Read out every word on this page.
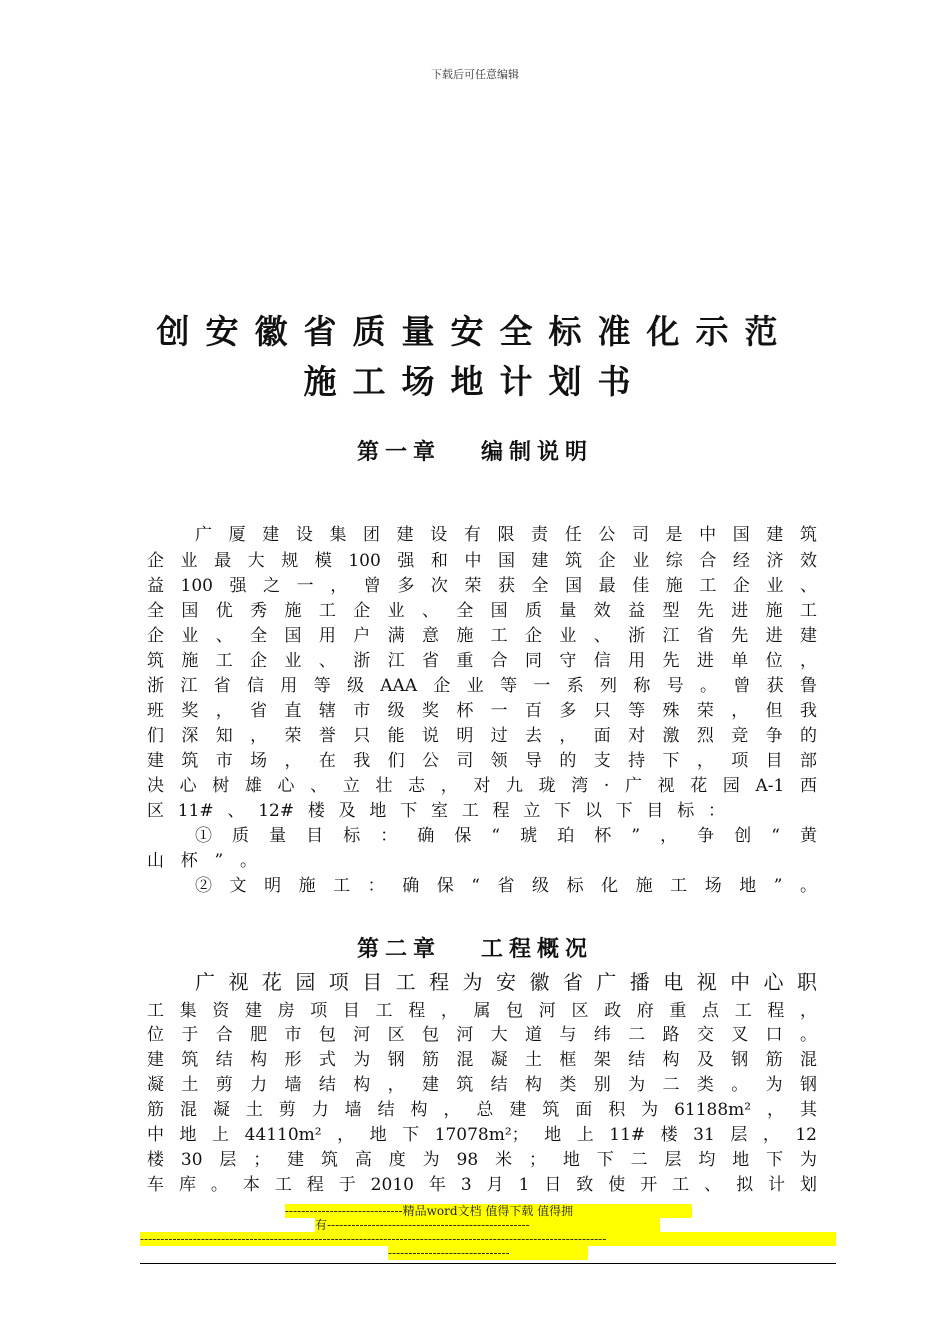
下载后可任意编辑
创安徽省质量安全标准化示范
施工场地计划书
第一章 编制说明
广厦建设集团建设有限责任公司是中国建筑
企业最大规模100强和中国建筑企业综合经济效
益100强之一，曾多次荣获全国最佳施工企业、
全国优秀施工企业、全国质量效益型先进施工
企业、全国用户满意施工企业、浙江省先进建
筑施工企业、浙江省重合同守信用先进单位，
浙江省信用等级AAA企业等一系列称号。曾获鲁
班奖，省直辖市级奖杯一百多只等殊荣，但我
们深知，荣誉只能说明过去，面对激烈竞争的
建筑市场，在我们公司领导的支持下，项目部
决心树雄心、立壮志，对九珑湾·广视花园A-1西
区11#、12#楼及地下室工程立下以下目标：
①质量目标：确保“琥珀杯”，争创“黄
山杯”。
②文明施工：确保“省级标化施工场地”。
第二章 工程概况
广视花园项目工程为安徽省广播电视中心职
工集资建房项目工程，属包河区政府重点工程，
位于合肥市包河区包河大道与纬二路交叉口。
建筑结构形式为钢筋混凝土框架结构及钢筋混
凝土剪力墙结构，建筑结构类别为二类。为钢
筋混凝土剪力墙结构，总建筑面积为61188m²，其
中地上44110m²，地下17078m²；地上11#楼31层，12
楼30层；建筑高度为98米；地下二层均地下为
车库。本工程于2010年3月1日致使开工、拟计划
-----------------------------精品word文档 值得下载 值得拥
有--------------------------------------------------
-------------------------------------------------------------------------------------------------------------------
------------------------------
